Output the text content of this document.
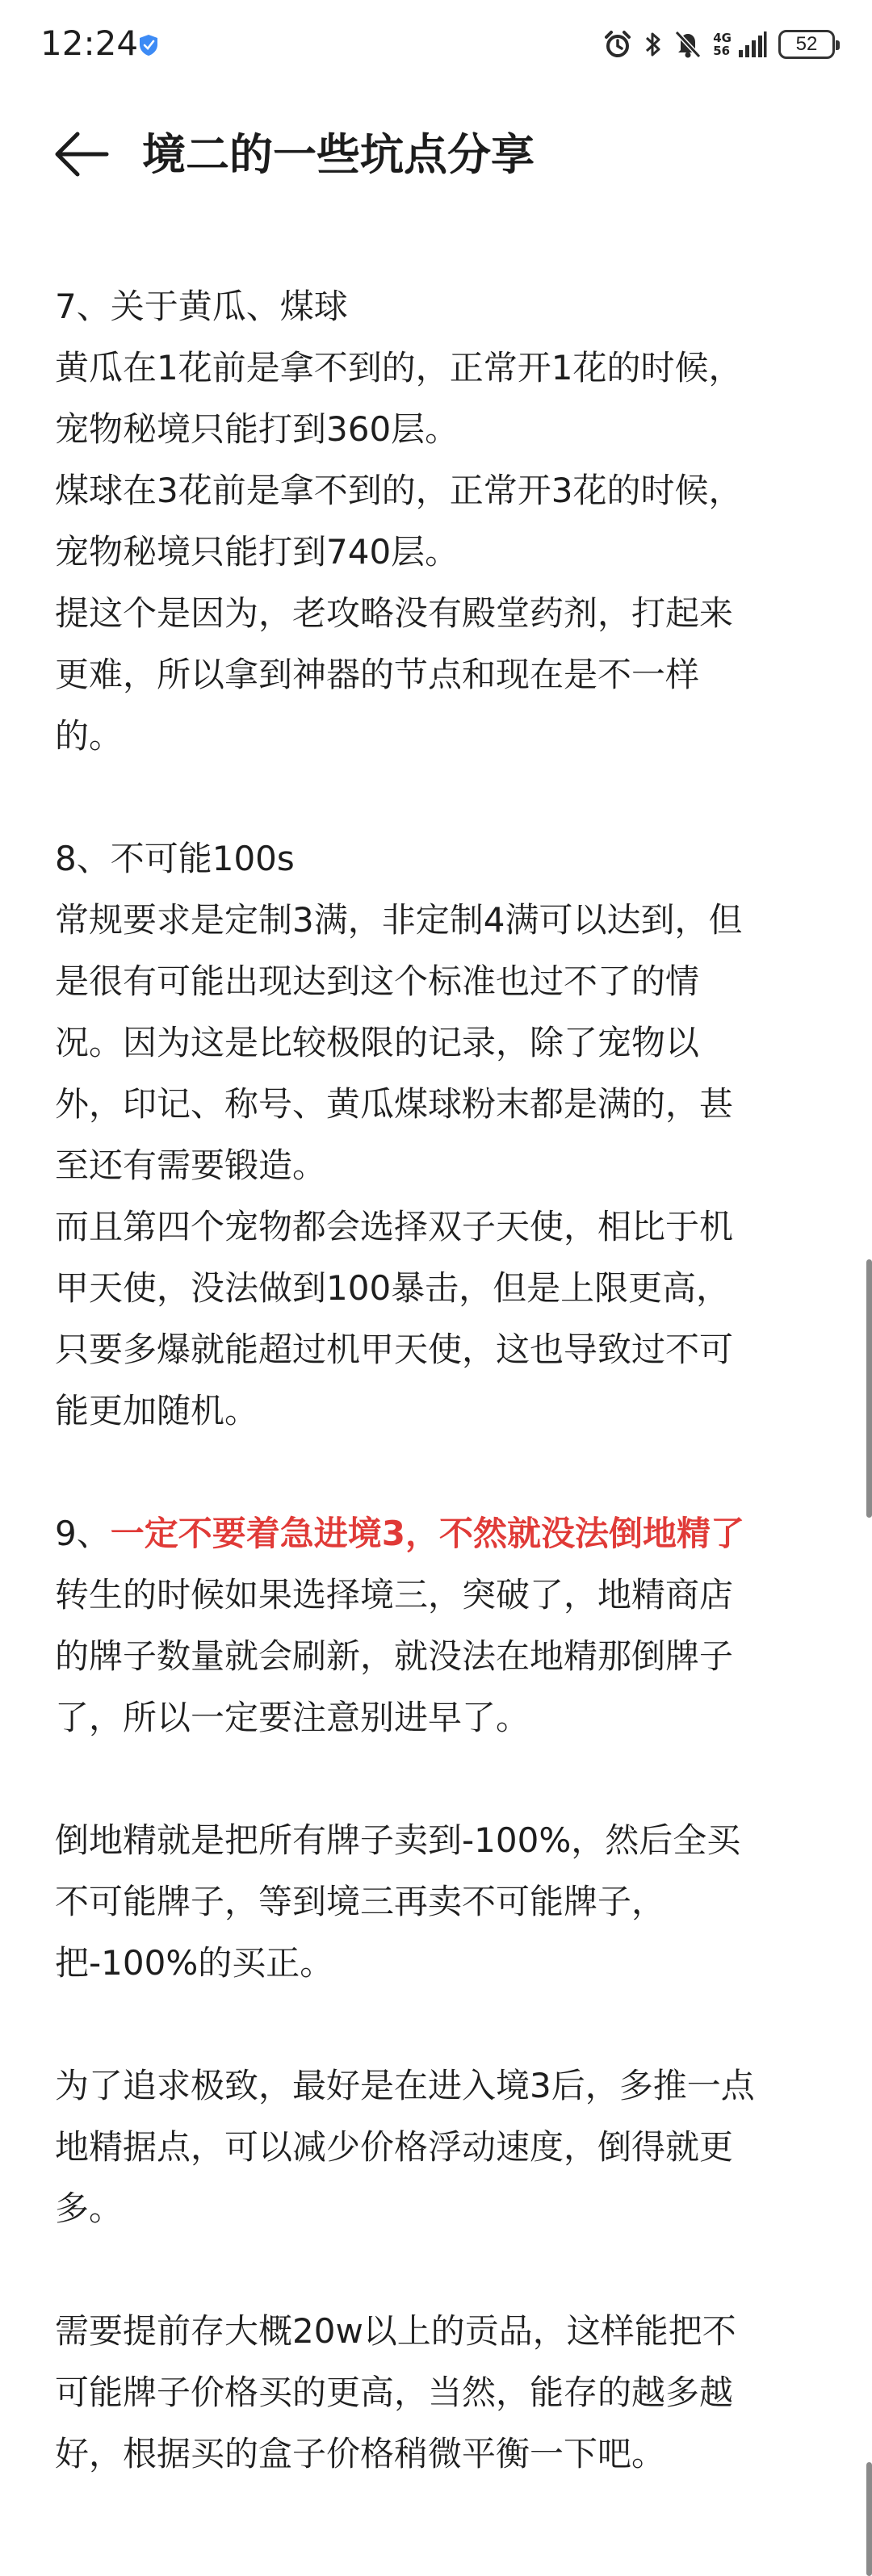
12:24	4G
56	52
境二的一些坑点分享
7、关于黄瓜、煤球
黄瓜在1花前是拿不到的，正常开1花的时候，
宠物秘境只能打到360层。
煤球在3花前是拿不到的，正常开3花的时候，
宠物秘境只能打到740层。
提这个是因为，老攻略没有殿堂药剂，打起来
更难，所以拿到神器的节点和现在是不一样
的。
8、不可能100s
常规要求是定制3满，非定制4满可以达到，但
是很有可能出现达到这个标准也过不了的情
况。因为这是比较极限的记录，除了宠物以
外，印记、称号、黄瓜煤球粉末都是满的，甚
至还有需要锻造。
而且第四个宠物都会选择双子天使，相比于机
甲天使，没法做到100暴击，但是上限更高，
只要多爆就能超过机甲天使，这也导致过不可
能更加随机。
9、一定不要着急进境3，不然就没法倒地精了
转生的时候如果选择境三，突破了，地精商店
的牌子数量就会刷新，就没法在地精那倒牌子
了，所以一定要注意别进早了。
倒地精就是把所有牌子卖到-100%，然后全买
不可能牌子，等到境三再卖不可能牌子，
把-100%的买正。
为了追求极致，最好是在进入境3后，多推一点
地精据点，可以减少价格浮动速度，倒得就更
多。
需要提前存大概20w以上的贡品，这样能把不
可能牌子价格买的更高，当然，能存的越多越
好，根据买的盒子价格稍微平衡一下吧。
